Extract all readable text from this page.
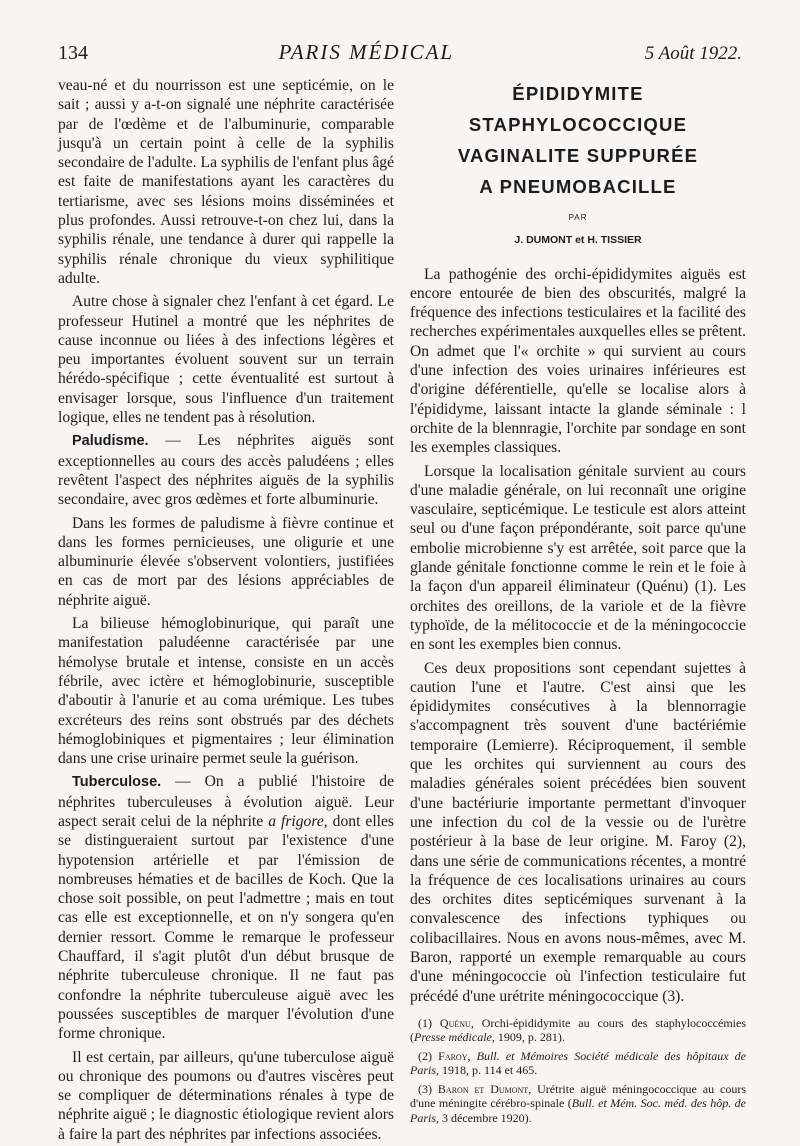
134	PARIS MÉDICAL	5 Août 1922.

veau-né et du nourrisson est une septicémie, on le sait ; aussi y a-t-on signalé une néphrite caractérisée par de l'œdème et de l'albuminurie, comparable jusqu'à un certain point à celle de la syphilis secondaire de l'adulte. La syphilis de l'enfant plus âgé est faite de manifestations ayant les caractères du tertiarisme, avec ses lésions moins disséminées et plus profondes. Aussi retrouve-t-on chez lui, dans la syphilis rénale, une tendance à durer qui rappelle la syphilis rénale chronique du vieux syphilitique adulte.

Autre chose à signaler chez l'enfant à cet égard. Le professeur Hutinel a montré que les néphrites de cause inconnue ou liées à des infections légères et peu importantes évoluent souvent sur un terrain hérédo-spécifique ; cette éventualité est surtout à envisager lorsque, sous l'influence d'un traitement logique, elles ne tendent pas à résolution.

Paludisme. — Les néphrites aiguës sont exceptionnelles au cours des accès paludéens ; elles revêtent l'aspect des néphrites aiguës de la syphilis secondaire, avec gros œdèmes et forte albuminurie.

Dans les formes de paludisme à fièvre continue et dans les formes pernicieuses, une oligurie et une albuminurie élevée s'observent volontiers, justifiées en cas de mort par des lésions appréciables de néphrite aiguë.

La bilieuse hémoglobinurique, qui paraît une manifestation paludéenne caractérisée par une hémolyse brutale et intense, consiste en un accès fébrile, avec ictère et hémoglobinurie, susceptible d'aboutir à l'anurie et au coma urémique. Les tubes excréteurs des reins sont obstrués par des déchets hémoglobiniques et pigmentaires ; leur élimination dans une crise urinaire permet seule la guérison.

Tuberculose. — On a publié l'histoire de néphrites tuberculeuses à évolution aiguë. Leur aspect serait celui de la néphrite a frigore, dont elles se distingueraient surtout par l'existence d'une hypotension artérielle et par l'émission de nombreuses hématies et de bacilles de Koch. Que la chose soit possible, on peut l'admettre ; mais en tout cas elle est exceptionnelle, et on n'y songera qu'en dernier ressort. Comme le remarque le professeur Chauffard, il s'agit plutôt d'un début brusque de néphrite tuberculeuse chronique. Il ne faut pas confondre la néphrite tuberculeuse aiguë avec les poussées susceptibles de marquer l'évolution d'une forme chronique.

Il est certain, par ailleurs, qu'une tuberculose aiguë ou chronique des poumons ou d'autres viscères peut se compliquer de déterminations rénales à type de néphrite aiguë ; le diagnostic étiologique revient alors à faire la part des néphrites par infections associées.

ÉPIDIDYMITE
STAPHYLOCOCCIQUE
VAGINALITE SUPPURÉE
A PNEUMOBACILLE
PAR
J. DUMONT et H. TISSIER

La pathogénie des orchi-épididymites aiguës est encore entourée de bien des obscurités, malgré la fréquence des infections testiculaires et la facilité des recherches expérimentales auxquelles elles se prêtent. On admet que l'« orchite » qui survient au cours d'une infection des voies urinaires inférieures est d'origine déférentielle, qu'elle se localise alors à l'épididyme, laissant intacte la glande séminale : l orchite de la blennragie, l'orchite par sondage en sont les exemples classiques.

Lorsque la localisation génitale survient au cours d'une maladie générale, on lui reconnaît une origine vasculaire, septicémique. Le testicule est alors atteint seul ou d'une façon prépondérante, soit parce qu'une embolie microbienne s'y est arrêtée, soit parce que la glande génitale fonctionne comme le rein et le foie à la façon d'un appareil éliminateur (Quénu) (1). Les orchites des oreillons, de la variole et de la fièvre typhoïde, de la mélitococcie et de la méningococcie en sont les exemples bien connus.

Ces deux propositions sont cependant sujettes à caution l'une et l'autre. C'est ainsi que les épididymites consécutives à la blennorragie s'accompagnent très souvent d'une bactériémie temporaire (Lemierre). Réciproquement, il semble que les orchites qui surviennent au cours des maladies générales soient précédées bien souvent d'une bactériurie importante permettant d'invoquer une infection du col de la vessie ou de l'urètre postérieur à la base de leur origine. M. Faroy (2), dans une série de communications récentes, a montré la fréquence de ces localisations urinaires au cours des orchites dites septicémiques survenant à la convalescence des infections typhiques ou colibacillaires. Nous en avons nous-mêmes, avec M. Baron, rapporté un exemple remarquable au cours d'une méningococcie où l'infection testiculaire fut précédé d'une urétrite méningococcique (3).

(1) Quénu, Orchi-épididymite au cours des staphylococcémies (Presse médicale, 1909, p. 281).

(2) Faroy, Bull. et Mémoires Société médicale des hôpitaux de Paris, 1918, p. 114 et 465.

(3) Baron et Dumont, Urétrite aiguë méningococcique au cours d'une méningite cérébro-spinale (Bull. et Mém. Soc. méd. des hôp. de Paris, 3 décembre 1920).
